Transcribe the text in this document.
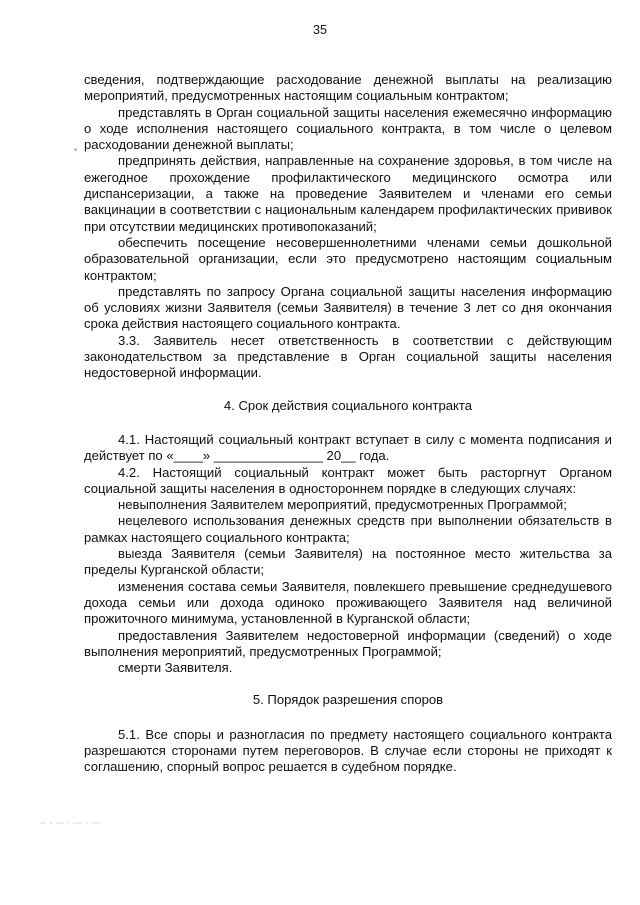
35

сведения, подтверждающие расходование денежной выплаты на реализацию мероприятий, предусмотренных настоящим социальным контрактом;

представлять в Орган социальной защиты населения ежемесячно информацию о ходе исполнения настоящего социального контракта, в том числе о целевом расходовании денежной выплаты;

предпринять действия, направленные на сохранение здоровья, в том числе на ежегодное прохождение профилактического медицинского осмотра или диспансеризации, а также на проведение Заявителем и членами его семьи вакцинации в соответствии с национальным календарем профилактических прививок при отсутствии медицинских противопоказаний;

обеспечить посещение несовершеннолетними членами семьи дошкольной образовательной организации, если это предусмотрено настоящим социальным контрактом;

представлять по запросу Органа социальной защиты населения информацию об условиях жизни Заявителя (семьи Заявителя) в течение 3 лет со дня окончания срока действия настоящего социального контракта.

3.3. Заявитель несет ответственность в соответствии с действующим законодательством за представление в Орган социальной защиты населения недостоверной информации.

4. Срок действия социального контракта

4.1. Настоящий социальный контракт вступает в силу с момента подписания и действует по «____» _______________ 20__ года.

4.2. Настоящий социальный контракт может быть расторгнут Органом социальной защиты населения в одностороннем порядке в следующих случаях:

невыполнения Заявителем мероприятий, предусмотренных Программой;

нецелевого использования денежных средств при выполнении обязательств в рамках настоящего социального контракта;

выезда Заявителя (семьи Заявителя) на постоянное место жительства за пределы Курганской области;

изменения состава семьи Заявителя, повлекшего превышение среднедушевого дохода семьи или дохода одиноко проживающего Заявителя над величиной прожиточного минимума, установленной в Курганской области;

предоставления Заявителем недостоверной информации (сведений) о ходе выполнения мероприятий, предусмотренных Программой;

смерти Заявителя.

5. Порядок разрешения споров

5.1. Все споры и разногласия по предмету настоящего социального контракта разрешаются сторонами путем переговоров. В случае если стороны не приходят к соглашению, спорный вопрос решается в судебном порядке.
